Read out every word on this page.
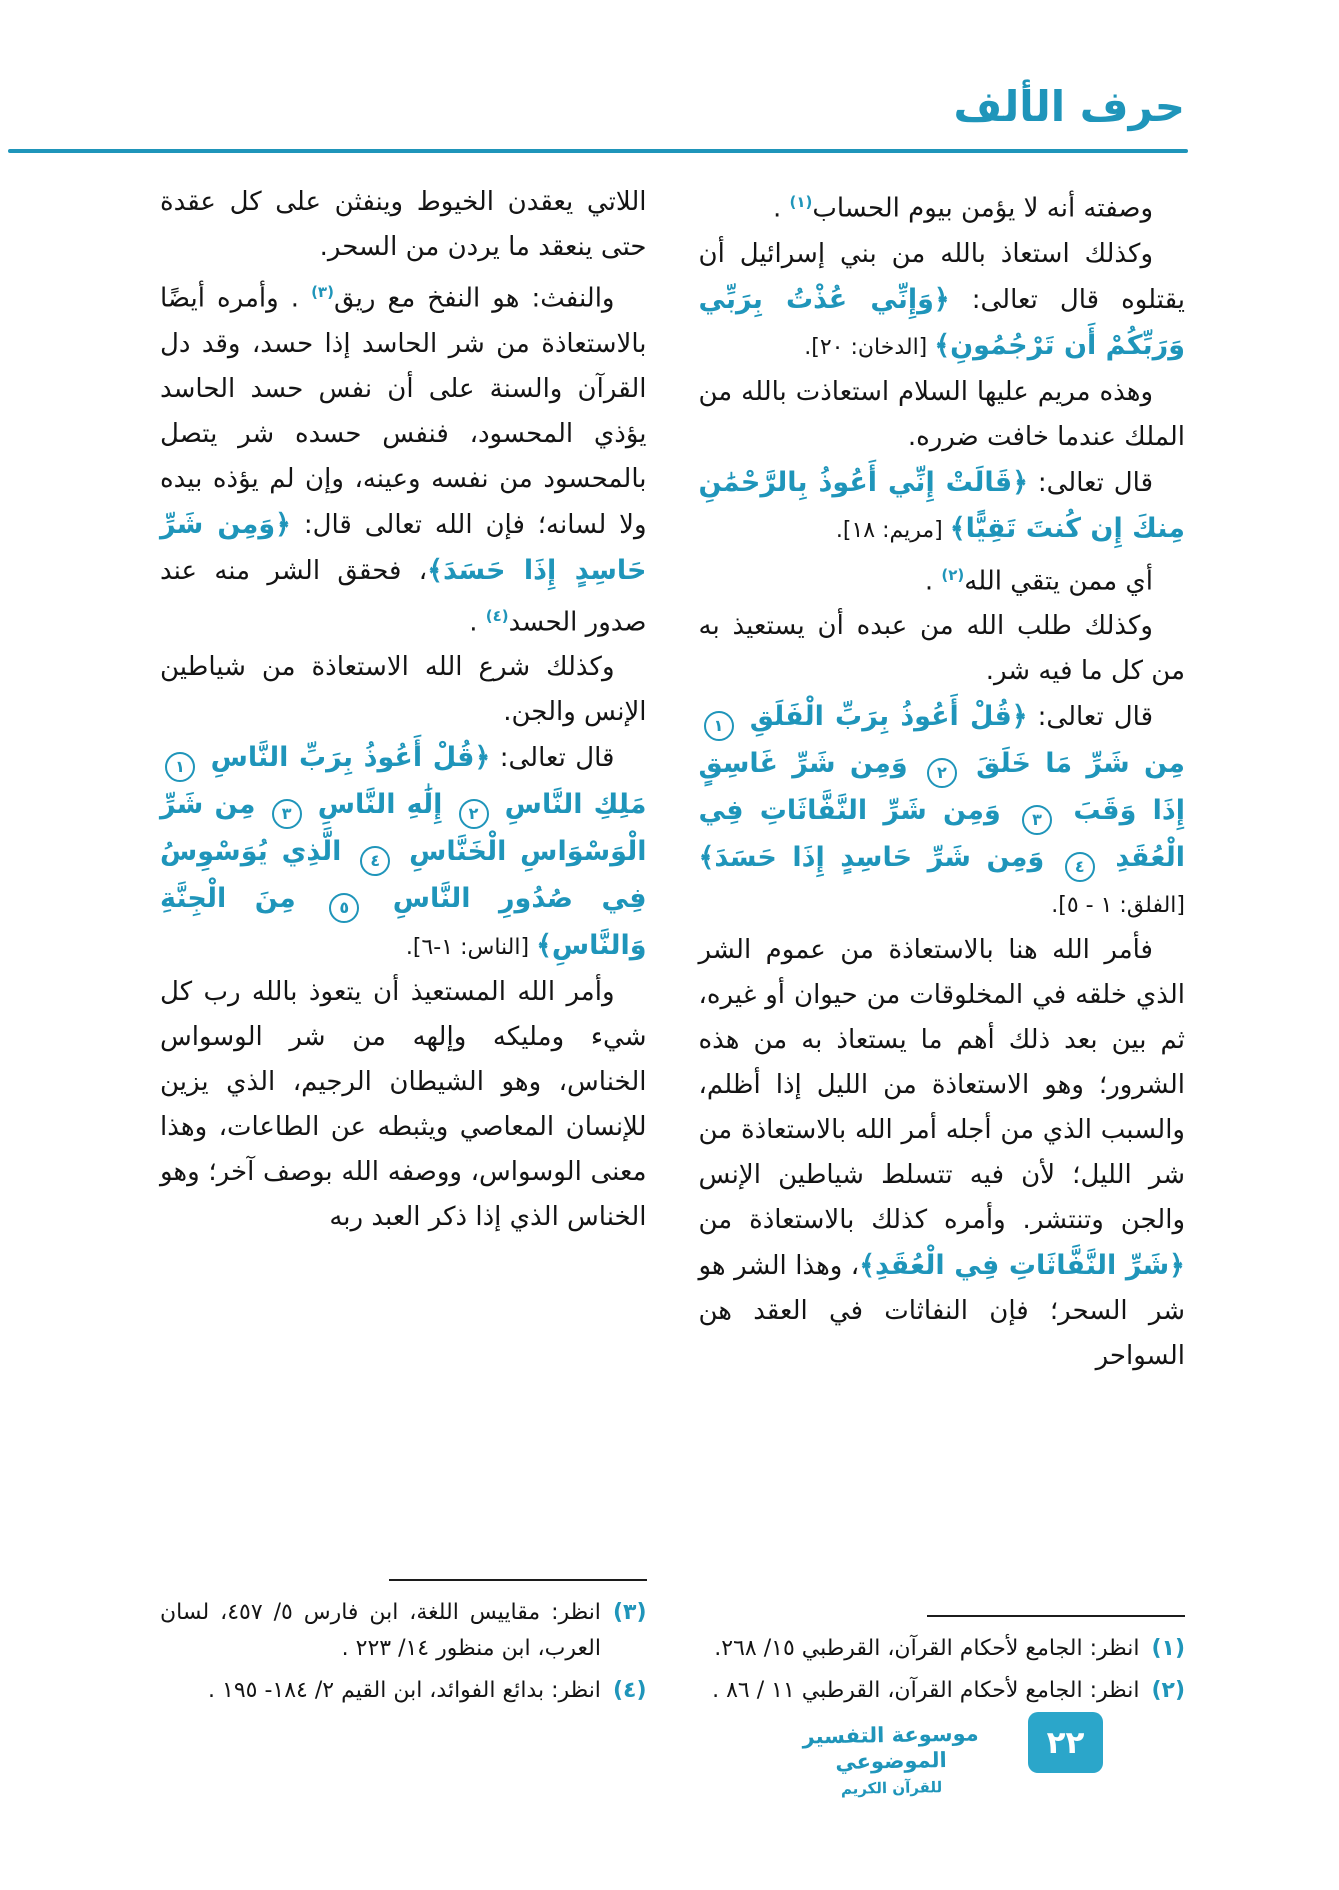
حرف الألف

وصفته أنه لا يؤمن بيوم الحساب$^{(١)}$ .

وكذلك استعاذ بالله من بني إسرائيل أن يقتلوه قال تعالى: ﴿وَإِنِّي عُذْتُ بِرَبِّي وَرَبِّكُمْ أَن تَرْجُمُونِ﴾ [الدخان: ٢٠].

وهذه مريم عليها السلام استعاذت بالله من الملك عندما خافت ضرره.

قال تعالى: ﴿قَالَتْ إِنِّي أَعُوذُ بِالرَّحْمَٰنِ مِنكَ إِن كُنتَ تَقِيًّا﴾ [مريم: ١٨].

أي ممن يتقي الله$^{(٢)}$ .

وكذلك طلب الله من عبده أن يستعيذ به من كل ما فيه شر.

قال تعالى: ﴿قُلْ أَعُوذُ بِرَبِّ الْفَلَقِ ١ مِن شَرِّ مَا خَلَقَ ٢ وَمِن شَرِّ غَاسِقٍ إِذَا وَقَبَ ٣ وَمِن شَرِّ النَّفَّاثَاتِ فِي الْعُقَدِ ٤ وَمِن شَرِّ حَاسِدٍ إِذَا حَسَدَ﴾ [الفلق: ١ - ٥].

فأمر الله هنا بالاستعاذة من عموم الشر الذي خلقه في المخلوقات من حيوان أو غيره، ثم بين بعد ذلك أهم ما يستعاذ به من هذه الشرور؛ وهو الاستعاذة من الليل إذا أظلم، والسبب الذي من أجله أمر الله بالاستعاذة من شر الليل؛ لأن فيه تتسلط شياطين الإنس والجن وتنتشر. وأمره كذلك بالاستعاذة من ﴿شَرِّ النَّفَّاثَاتِ فِي الْعُقَدِ﴾، وهذا الشر هو شر السحر؛ فإن النفاثات في العقد هن السواحر

(١)
انظر: الجامع لأحكام القرآن، القرطبي ١٥/ ٢٦٨.
(٢)
انظر: الجامع لأحكام القرآن، القرطبي ١١ / ٨٦ .

اللاتي يعقدن الخيوط وينفثن على كل عقدة حتى ينعقد ما يردن من السحر.

والنفث: هو النفخ مع ريق$^{(٣)}$ . وأمره أيضًا بالاستعاذة من شر الحاسد إذا حسد، وقد دل القرآن والسنة على أن نفس حسد الحاسد يؤذي المحسود، فنفس حسده شر يتصل بالمحسود من نفسه وعينه، وإن لم يؤذه بيده ولا لسانه؛ فإن الله تعالى قال: ﴿وَمِن شَرِّ حَاسِدٍ إِذَا حَسَدَ﴾، فحقق الشر منه عند صدور الحسد$^{(٤)}$ .

وكذلك شرع الله الاستعاذة من شياطين الإنس والجن.

قال تعالى: ﴿قُلْ أَعُوذُ بِرَبِّ النَّاسِ ١ مَلِكِ النَّاسِ ٢ إِلَٰهِ النَّاسِ ٣ مِن شَرِّ الْوَسْوَاسِ الْخَنَّاسِ ٤ الَّذِي يُوَسْوِسُ فِي صُدُورِ النَّاسِ ٥ مِنَ الْجِنَّةِ وَالنَّاسِ﴾ [الناس: ١-٦].

وأمر الله المستعيذ أن يتعوذ بالله رب كل شيء ومليكه وإلهه من شر الوسواس الخناس، وهو الشيطان الرجيم، الذي يزين للإنسان المعاصي ويثبطه عن الطاعات، وهذا معنى الوسواس، ووصفه الله بوصف آخر؛ وهو الخناس الذي إذا ذكر العبد ربه

(٣)
انظر: مقاييس اللغة، ابن فارس ٥/ ٤٥٧، لسان العرب، ابن منظور ١٤/ ٢٢٣ .
(٤)
انظر: بدائع الفوائد، ابن القيم ٢/ ١٨٤- ١٩٥ .
موسوعة التفسير الموضوعي
للقرآن الكريم
٢٢
